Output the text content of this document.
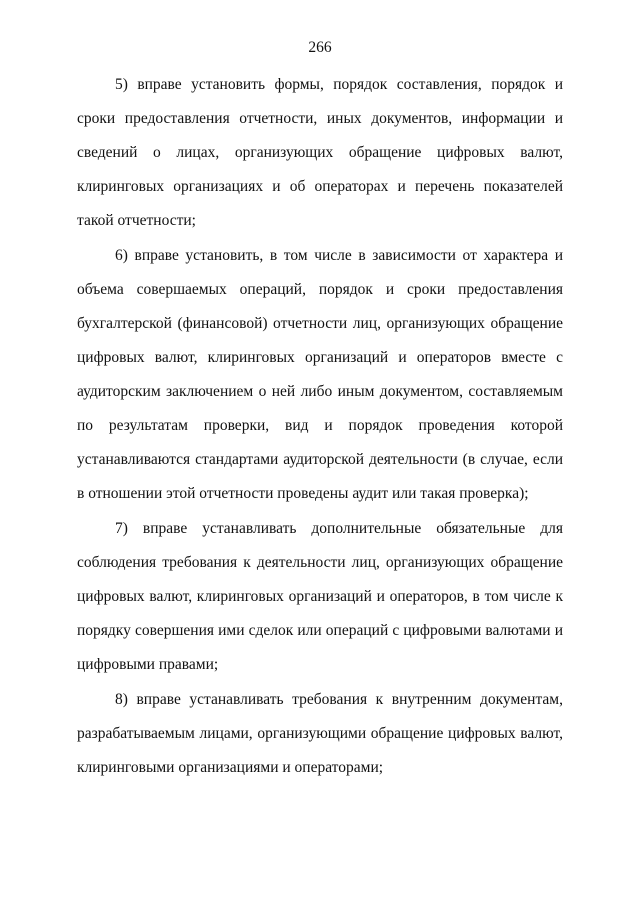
266

5) вправе установить формы, порядок составления, порядок и сроки предоставления отчетности, иных документов, информации и сведений о лицах, организующих обращение цифровых валют, клиринговых организациях и об операторах и перечень показателей такой отчетности;

6) вправе установить, в том числе в зависимости от характера и объема совершаемых операций, порядок и сроки предоставления бухгалтерской (финансовой) отчетности лиц, организующих обращение цифровых валют, клиринговых организаций и операторов вместе с аудиторским заключением о ней либо иным документом, составляемым по результатам проверки, вид и порядок проведения которой устанавливаются стандартами аудиторской деятельности (в случае, если в отношении этой отчетности проведены аудит или такая проверка);

7) вправе устанавливать дополнительные обязательные для соблюдения требования к деятельности лиц, организующих обращение цифровых валют, клиринговых организаций и операторов, в том числе к порядку совершения ими сделок или операций с цифровыми валютами и цифровыми правами;

8) вправе устанавливать требования к внутренним документам, разрабатываемым лицами, организующими обращение цифровых валют, клиринговыми организациями и операторами;
